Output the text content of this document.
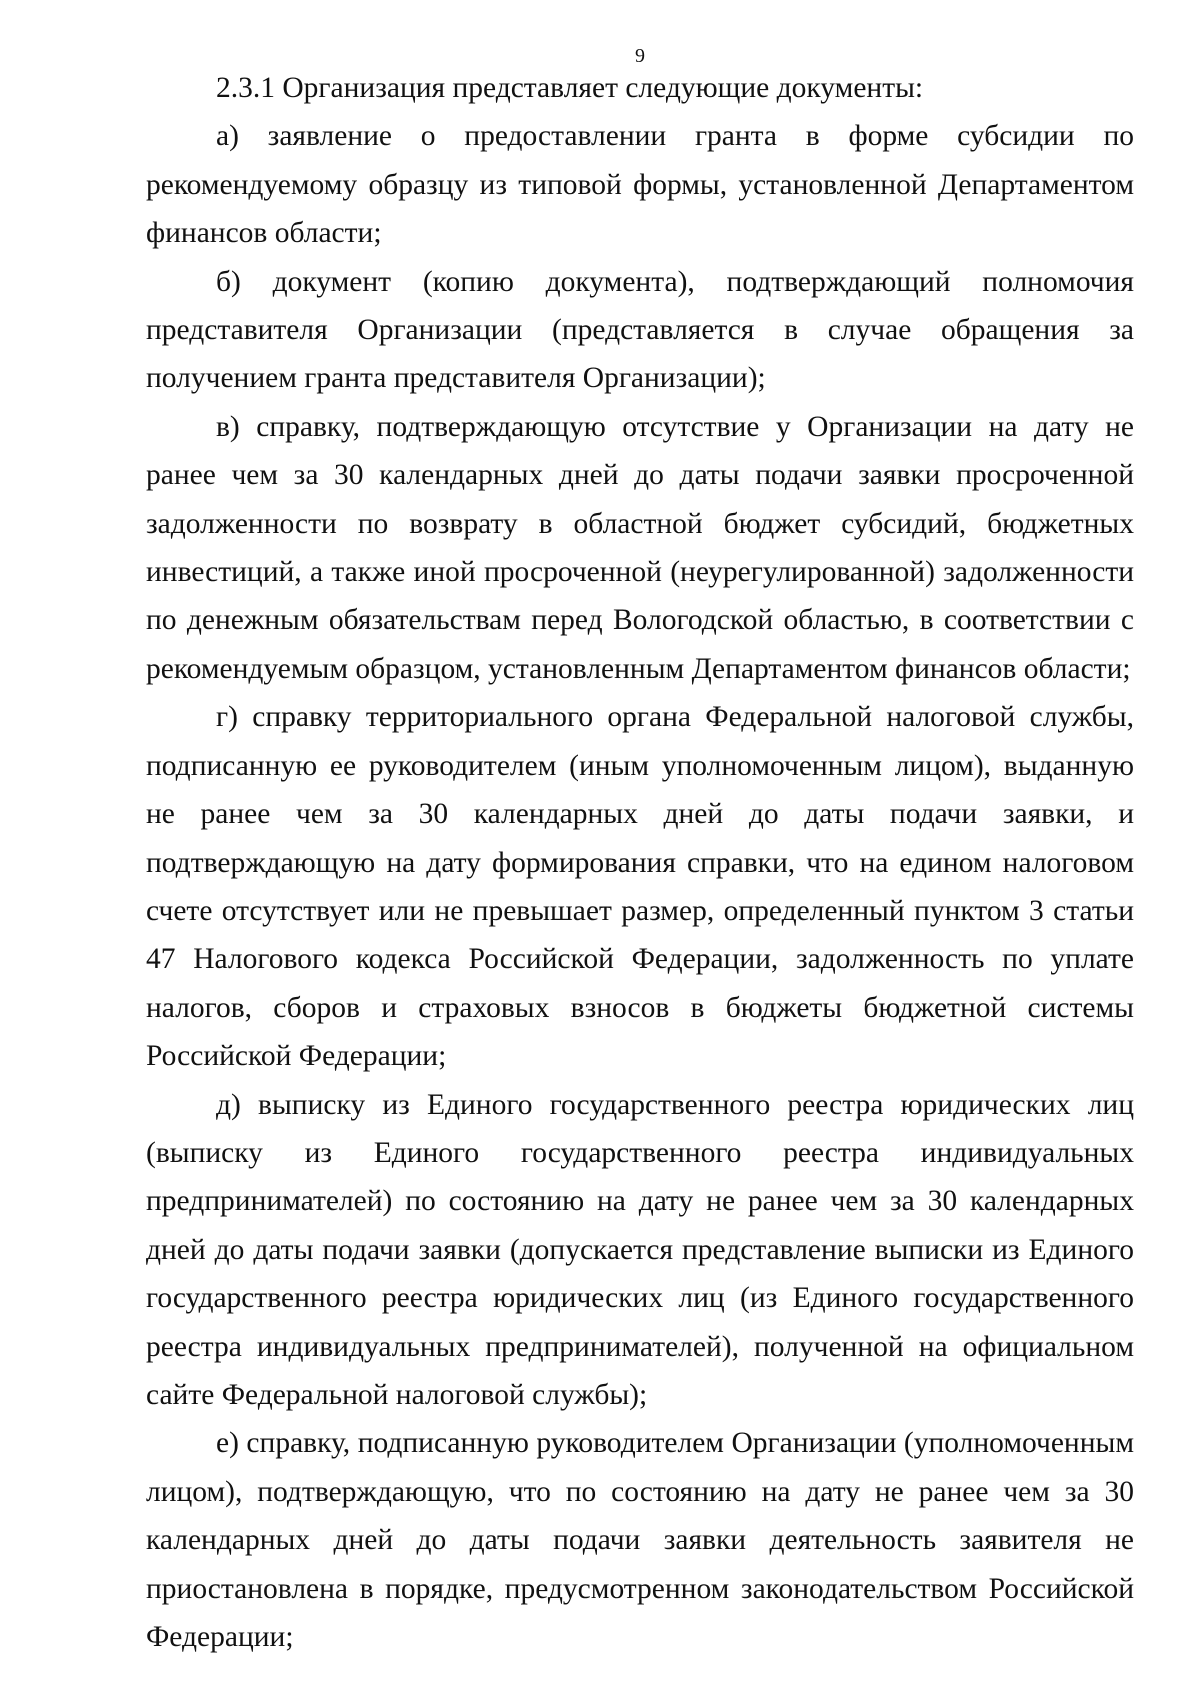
9

2.3.1 Организация представляет следующие документы:

а) заявление о предоставлении гранта в форме субсидии по рекомендуемому образцу из типовой формы, установленной Департаментом финансов области;

б) документ (копию документа), подтверждающий полномочия представителя Организации (представляется в случае обращения за получением гранта представителя Организации);

в) справку, подтверждающую отсутствие у Организации на дату не ранее чем за 30 календарных дней до даты подачи заявки просроченной задолженности по возврату в областной бюджет субсидий, бюджетных инвестиций, а также иной просроченной (неурегулированной) задолженности по денежным обязательствам перед Вологодской областью, в соответствии с рекомендуемым образцом, установленным Департаментом финансов области;

г) справку территориального органа Федеральной налоговой службы, подписанную ее руководителем (иным уполномоченным лицом), выданную не ранее чем за 30 календарных дней до даты подачи заявки, и подтверждающую на дату формирования справки, что на едином налоговом счете отсутствует или не превышает размер, определенный пунктом 3 статьи 47 Налогового кодекса Российской Федерации, задолженность по уплате налогов, сборов и страховых взносов в бюджеты бюджетной системы Российской Федерации;

д) выписку из Единого государственного реестра юридических лиц (выписку из Единого государственного реестра индивидуальных предпринимателей) по состоянию на дату не ранее чем за 30 календарных дней до даты подачи заявки (допускается представление выписки из Единого государственного реестра юридических лиц (из Единого государственного реестра индивидуальных предпринимателей), полученной на официальном сайте Федеральной налоговой службы);

е) справку, подписанную руководителем Организации (уполномоченным лицом), подтверждающую, что по состоянию на дату не ранее чем за 30 календарных дней до даты подачи заявки деятельность заявителя не приостановлена в порядке, предусмотренном законодательством Российской Федерации;
